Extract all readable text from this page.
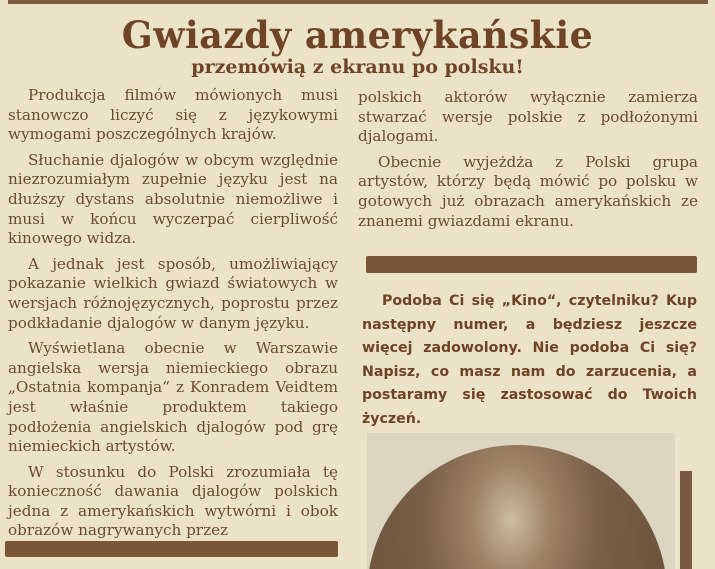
Gwiazdy amerykańskie
przemówią z ekranu po polsku!

Produkcja filmów mówionych musi stanowczo liczyć się z językowymi wymogami poszczególnych krajów.

Słuchanie djalogów w obcym względnie niezrozumiałym zupełnie języku jest na dłuższy dystans absolutnie niemożliwe i musi w końcu wyczerpać cierpliwość kinowego widza.

A jednak jest sposób, umożliwiający pokazanie wielkich gwiazd światowych w wersjach różnojęzycznych, poprostu przez podkładanie djalogów w danym języku.

Wyświetlana obecnie w Warszawie angielska wersja niemieckiego obrazu „Ostatnia kompanja“ z Konradem Veidtem jest właśnie produktem takiego podłożenia angielskich djalogów pod grę niemieckich artystów.

W stosunku do Polski zrozumiała tę konieczność dawania djalogów polskich jedna z amerykańskich wytwórni i obok obrazów nagrywanych przez

polskich aktorów wyłącznie zamierza stwarzać wersje polskie z podłożonymi djalogami.

Obecnie wyjeżdża z Polski grupa artystów, którzy będą mówić po polsku w gotowych już obrazach amerykańskich ze znanemi gwiazdami ekranu.

Podoba Ci się „Kino“, czytelniku? Kup następny numer, a będziesz jeszcze więcej zadowolony. Nie podoba Ci się? Napisz, co masz nam do zarzucenia, a postaramy się zastosować do Twoich życzeń.
